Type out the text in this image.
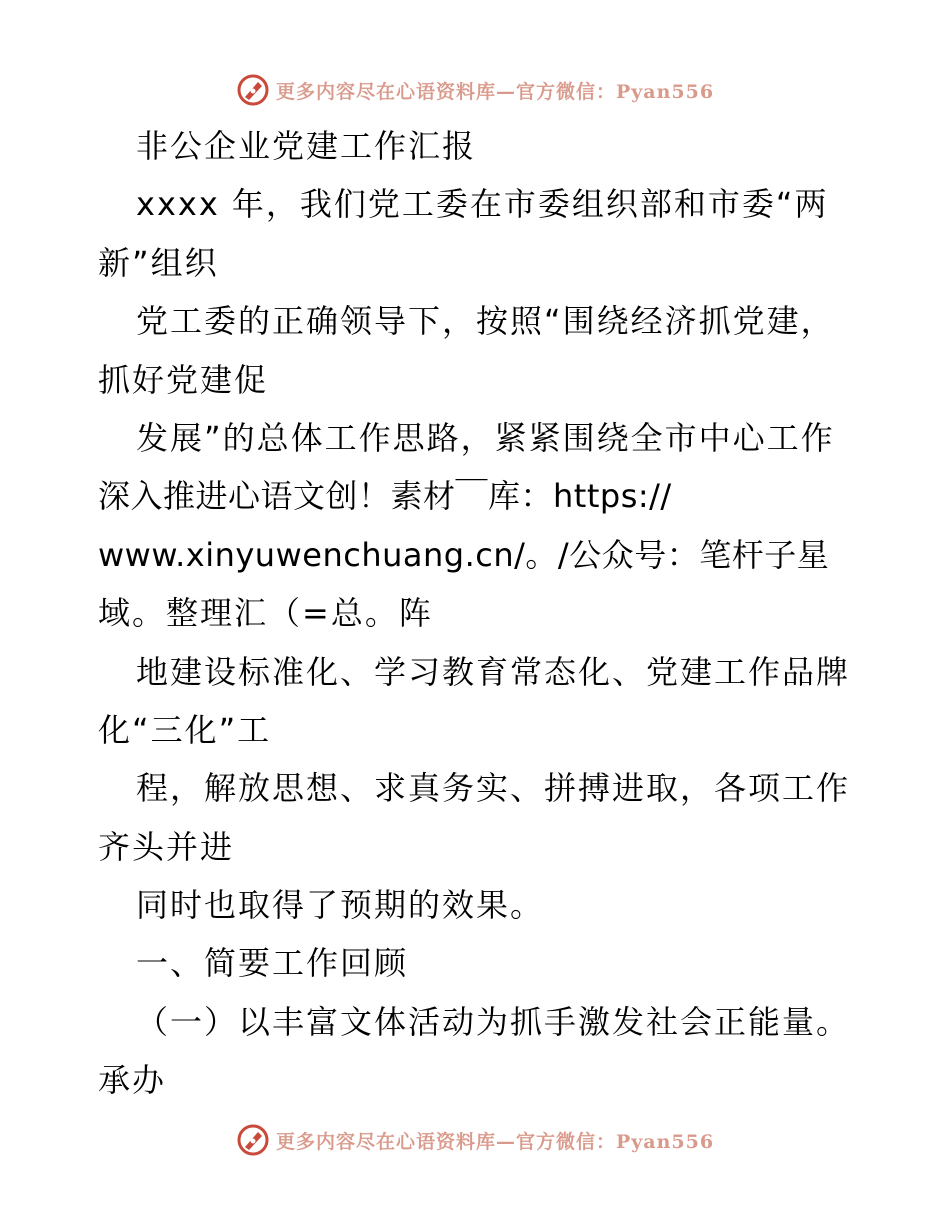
更多内容尽在心语资料库—官方微信：Pyan556
非公企业党建工作汇报
xxxx 年，我们党工委在市委组织部和市委“两
新”组织
党工委的正确领导下，按照“围绕经济抓党建，
抓好党建促
发展”的总体工作思路，紧紧围绕全市中心工作
深入推进心语文创！素材￣库：https://
www.xinyuwenchuang.cn/。/公众号：笔杆子星
域。整理汇（=总。阵
地建设标准化、学习教育常态化、党建工作品牌
化“三化”工
程，解放思想、求真务实、拼搏进取，各项工作
齐头并进
同时也取得了预期的效果。
一、简要工作回顾
（一）以丰富文体活动为抓手激发社会正能量。
承办
更多内容尽在心语资料库—官方微信：Pyan556
